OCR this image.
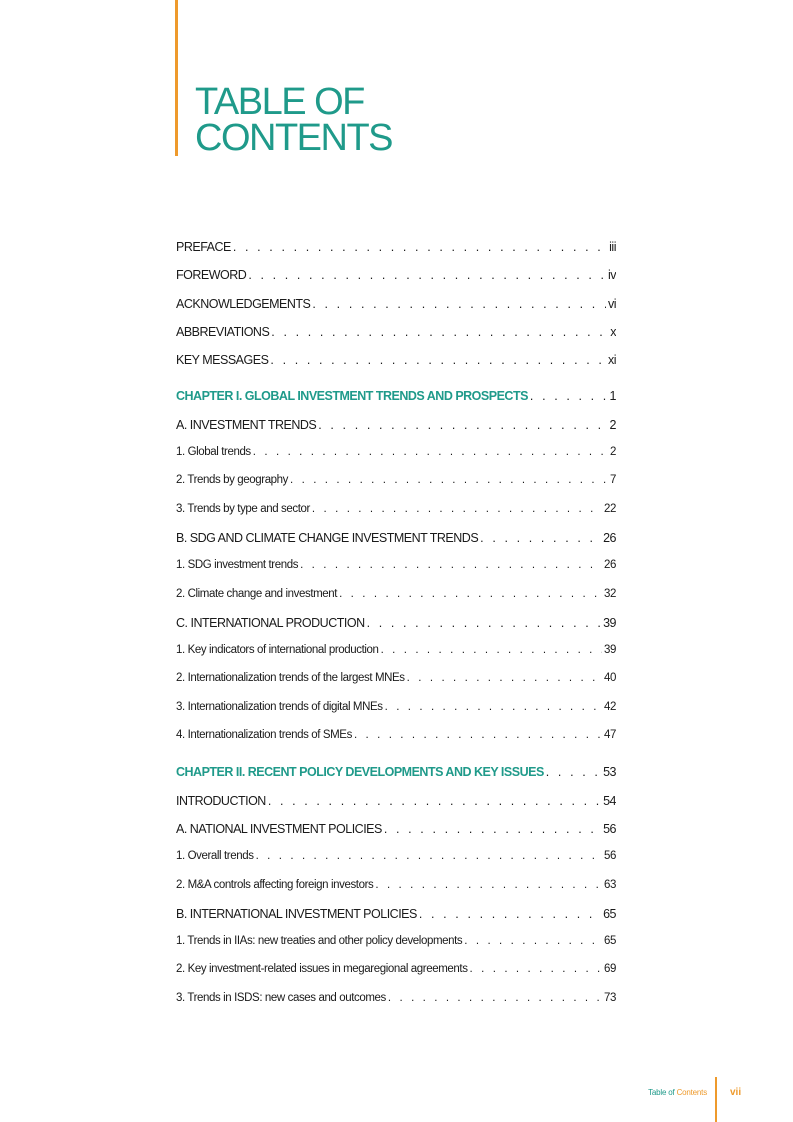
TABLE OF
CONTENTS
PREFACE . . .	iii
FOREWORD . . .	iv
ACKNOWLEDGEMENTS . . .	vi
ABBREVIATIONS . . .	x
KEY MESSAGES . . .	xi
CHAPTER I. GLOBAL INVESTMENT TRENDS AND PROSPECTS . . .	1
A. INVESTMENT TRENDS . . .	2
1. Global trends . . .	2
2. Trends by geography . . .	7
3. Trends by type and sector . . .	22
B. SDG AND CLIMATE CHANGE INVESTMENT TRENDS . . .	26
1. SDG investment trends . . .	26
2. Climate change and investment . . .	32
C. INTERNATIONAL PRODUCTION . . .	39
1. Key indicators of international production . . .	39
2. Internationalization trends of the largest MNEs . . .	40
3. Internationalization trends of digital MNEs . . .	42
4. Internationalization trends of SMEs . . .	47
CHAPTER II. RECENT POLICY DEVELOPMENTS AND KEY ISSUES . . .	53
INTRODUCTION . . .	54
A. NATIONAL INVESTMENT POLICIES . . .	56
1. Overall trends . . .	56
2. M&A controls affecting foreign investors . . .	63
B. INTERNATIONAL INVESTMENT POLICIES . . .	65
1. Trends in IIAs: new treaties and other policy developments . . .	65
2. Key investment-related issues in megaregional agreements . . .	69
3. Trends in ISDS: new cases and outcomes . . .	73
Table of Contents vii
